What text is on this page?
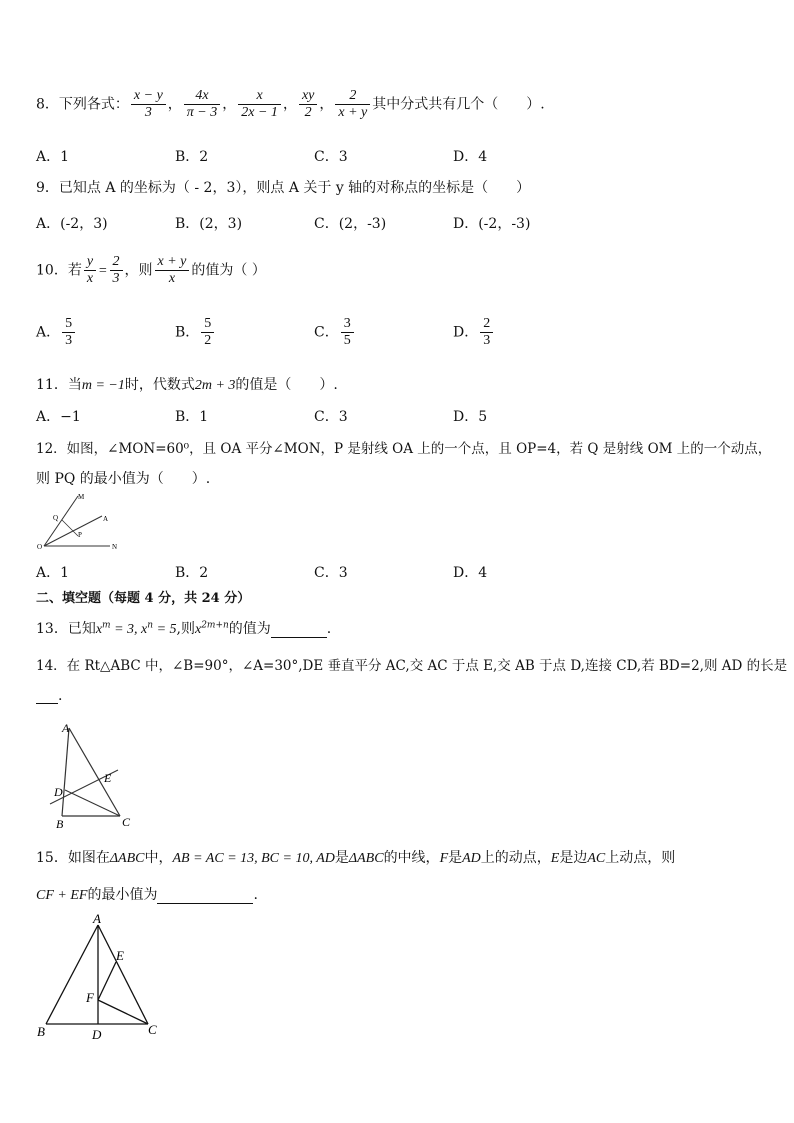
8．下列各式： $\frac{x - y}{3}$ ， $\frac{4x}{\pi - 3}$ ， $\frac{x}{2x - 1}$ ， $\frac{xy}{2}$ ， $\frac{2}{x + y}$ 其中分式共有几个（　　）.
A．1	B．2	C．3	D．4
9．已知点 A 的坐标为（ - 2，3），则点 A 关于 y 轴的对称点的坐标是（　　）
A．(-2，3)	B．(2，3)	C．(2，-3)	D．(-2，-3)
10．若 $\frac{y}{x} = \frac{2}{3}$ ，则 $\frac{x + y}{x}$ 的值为（ ）
A． $\frac{5}{3}$	B． $\frac{5}{2}$	C． $\frac{3}{5}$	D． $\frac{2}{3}$
11．当m = −1时，代数式2m + 3的值是（　　）.
A．−1	B．1	C．3	D．5
12．如图，∠MON=60⁰，且 OA 平分∠MON，P 是射线 OA 上的一个点，且 OP=4，若 Q 是射线 OM 上的一个动点，
则 PQ 的最小值为（　　）.
M
A
Q
P
O	N
A．1	B．2	C．3	D．4
二、填空题（每题 4 分，共 24 分）
13．已知$x^m = 3$, $x^n = 5$,则$x^{2m+n}$的值为	.
14．在 Rt△ABC 中，∠B=90°，∠A=30°,DE 垂直平分 AC,交 AC 于点 E,交 AB 于点 D,连接 CD,若 BD=2,则 AD 的长是
.
A
D
E
B	C
15．如图在ΔABC中，AB = AC = 13, BC = 10, AD是ΔABC的中线，F是AD上的动点，E是边AC上动点，则
CF + EF的最小值为	.
A
E
F
B	D	C
